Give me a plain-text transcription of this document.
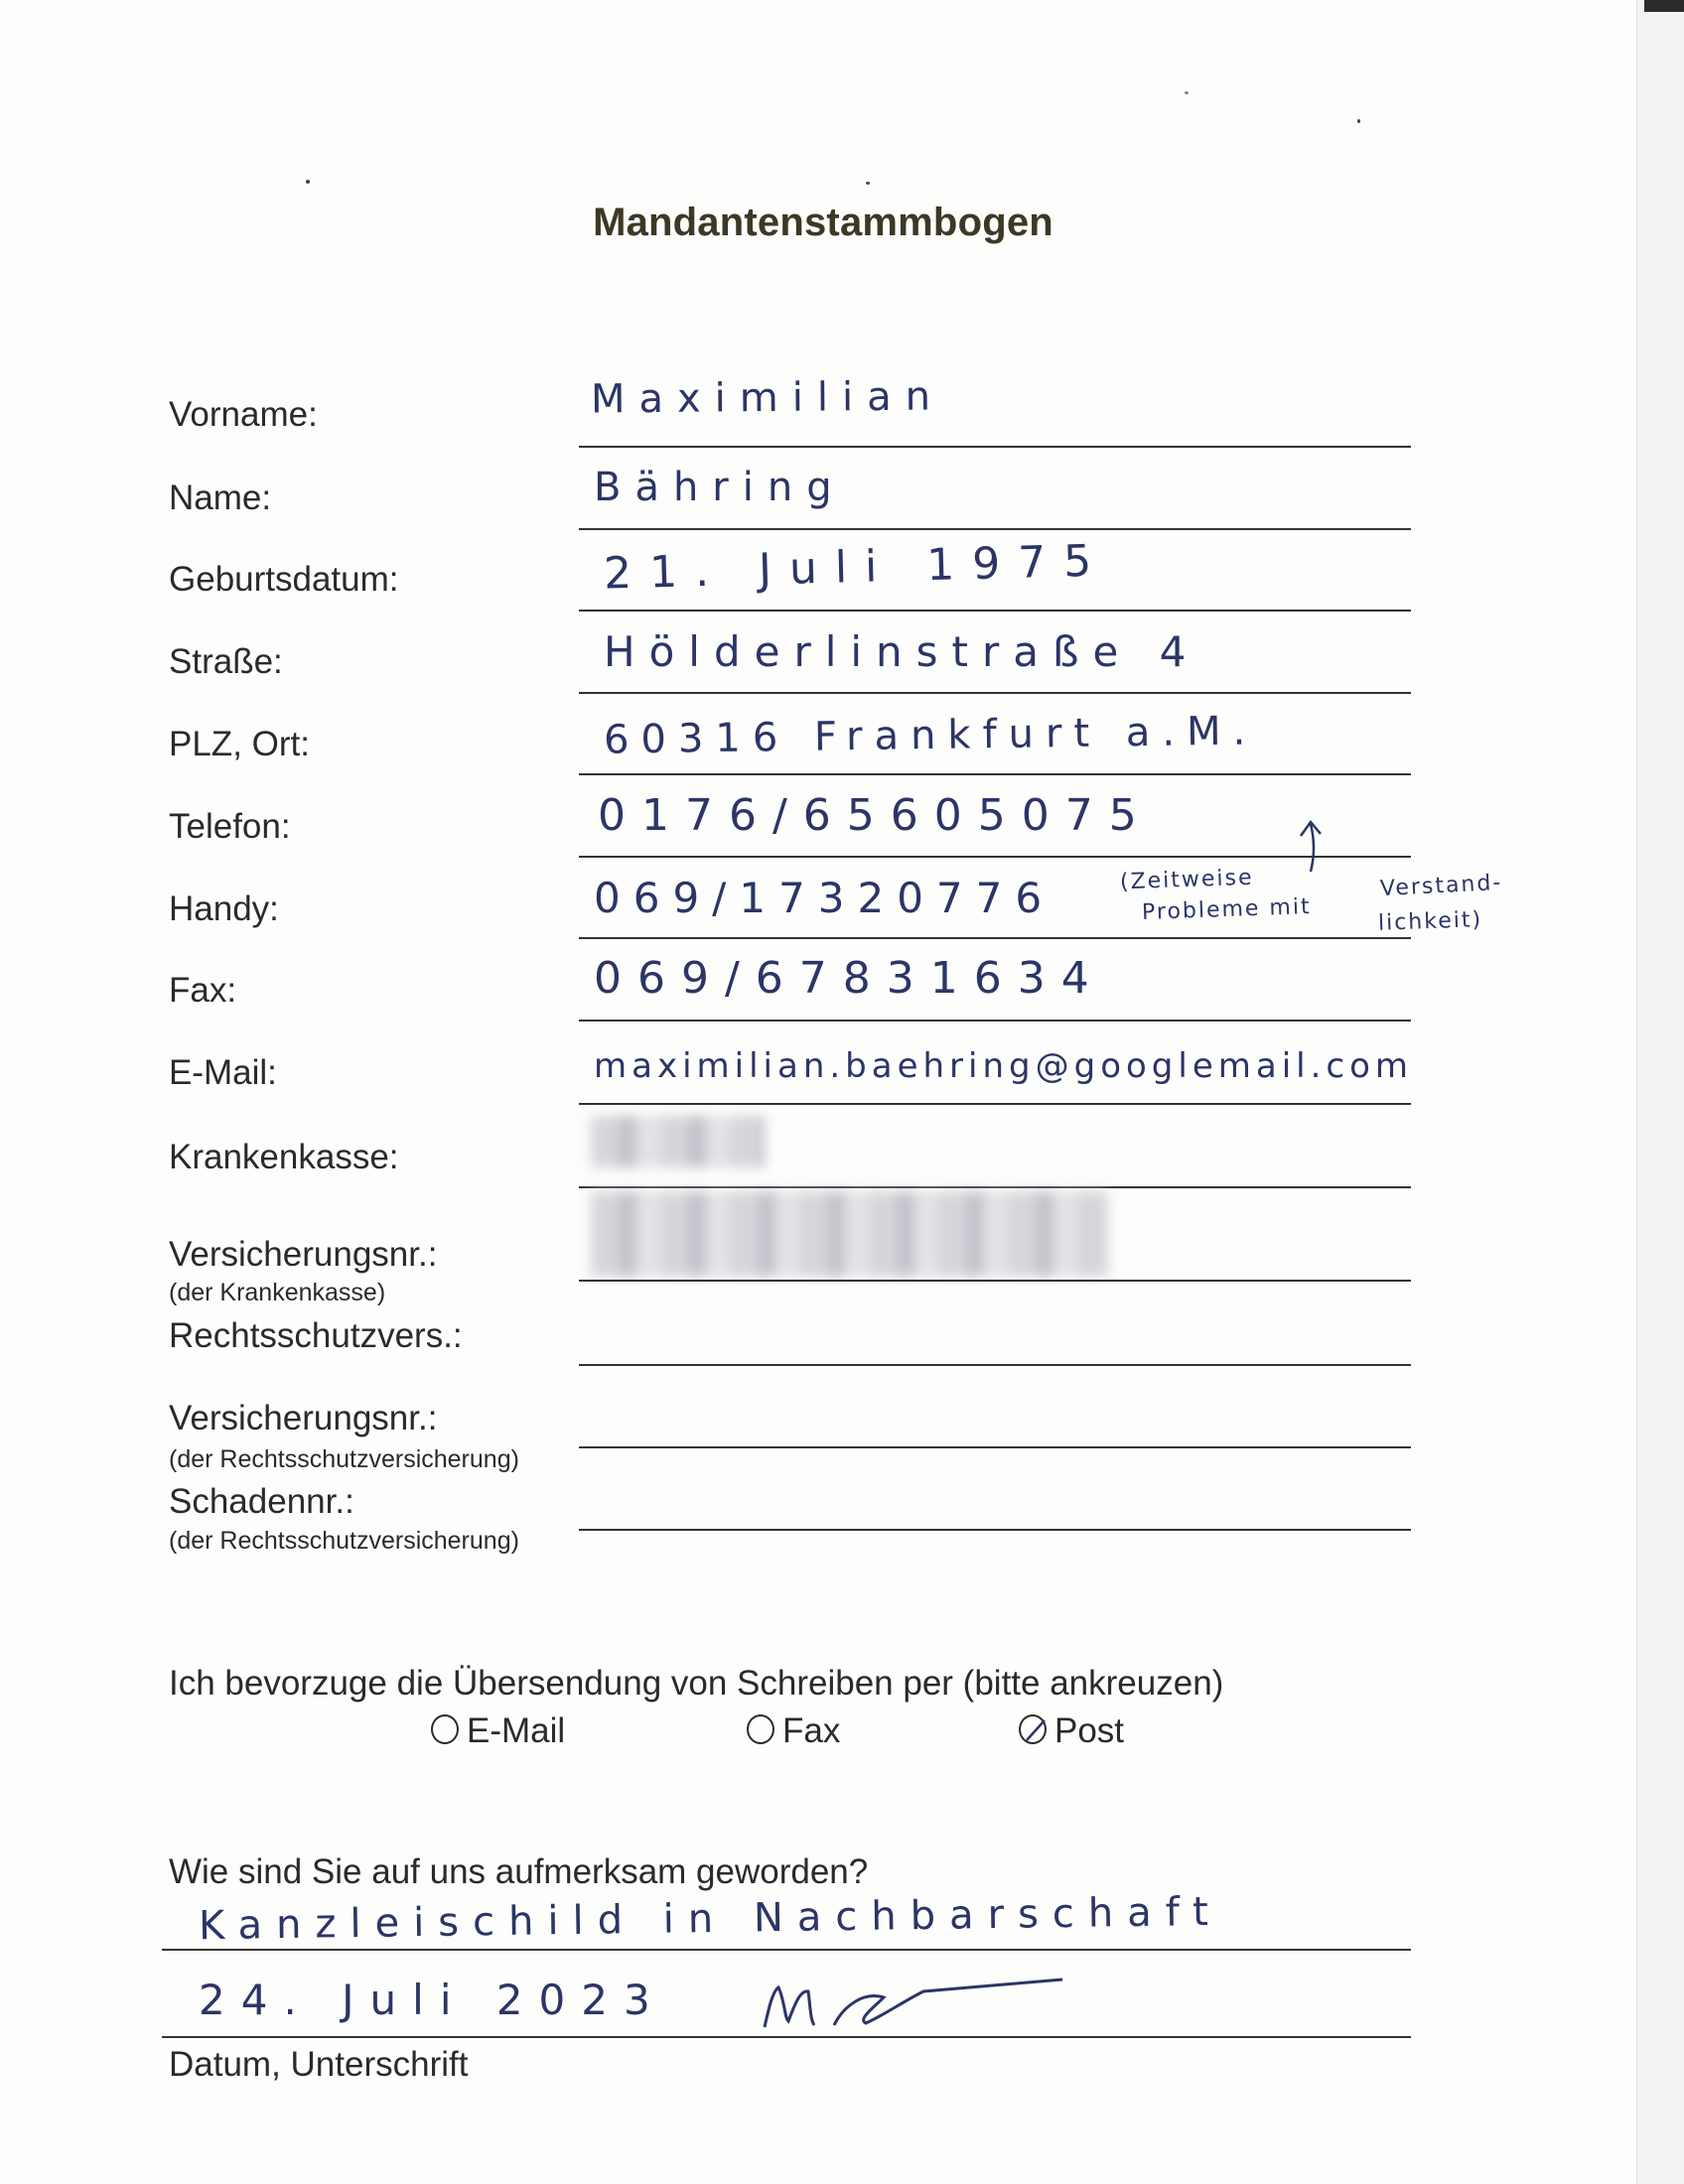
Mandantenstammbogen
Vorname:	Maximilian
Name:	Bähring
Geburtsdatum:	21. Juli 1975
Straße:	Hölderlinstraße 4
PLZ, Ort:	60316 Frankfurt a.M.
Telefon:	0176/65605075
Handy:	069/17320776	(Zeitweise
Probleme mit
Verstand-
lichkeit)
Fax:	069/67831634
E-Mail:	maximilian.baehring@googlemail.com
Krankenkasse:
Versicherungsnr.:
(der Krankenkasse)
Rechtsschutzvers.:
Versicherungsnr.:
(der Rechtsschutzversicherung)
Schadennr.:
(der Rechtsschutzversicherung)
Ich bevorzuge die Übersendung von Schreiben per (bitte ankreuzen)
E-Mail	Fax	Post
Wie sind Sie auf uns aufmerksam geworden?
Kanzleischild in Nachbarschaft
24. Juli 2023
Datum, Unterschrift
